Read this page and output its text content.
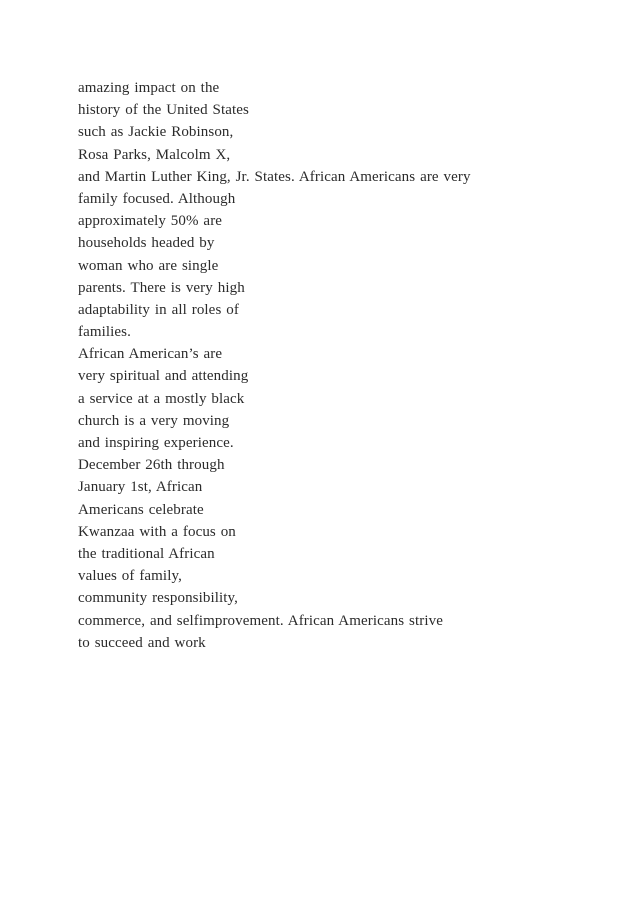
amazing impact on the
history of the United States
such as Jackie Robinson,
Rosa Parks, Malcolm X,
and Martin Luther King, Jr. States. African Americans are very
family focused. Although
approximately 50% are
households headed by
woman who are single
parents. There is very high
adaptability in all roles of
families.
African American’s are
very spiritual and attending
a service at a mostly black
church is a very moving
and inspiring experience.
December 26th through
January 1st, African
Americans celebrate
Kwanzaa with a focus on
the traditional African
values of family,
community responsibility,
commerce, and selfimprovement. African Americans strive
to succeed and work
